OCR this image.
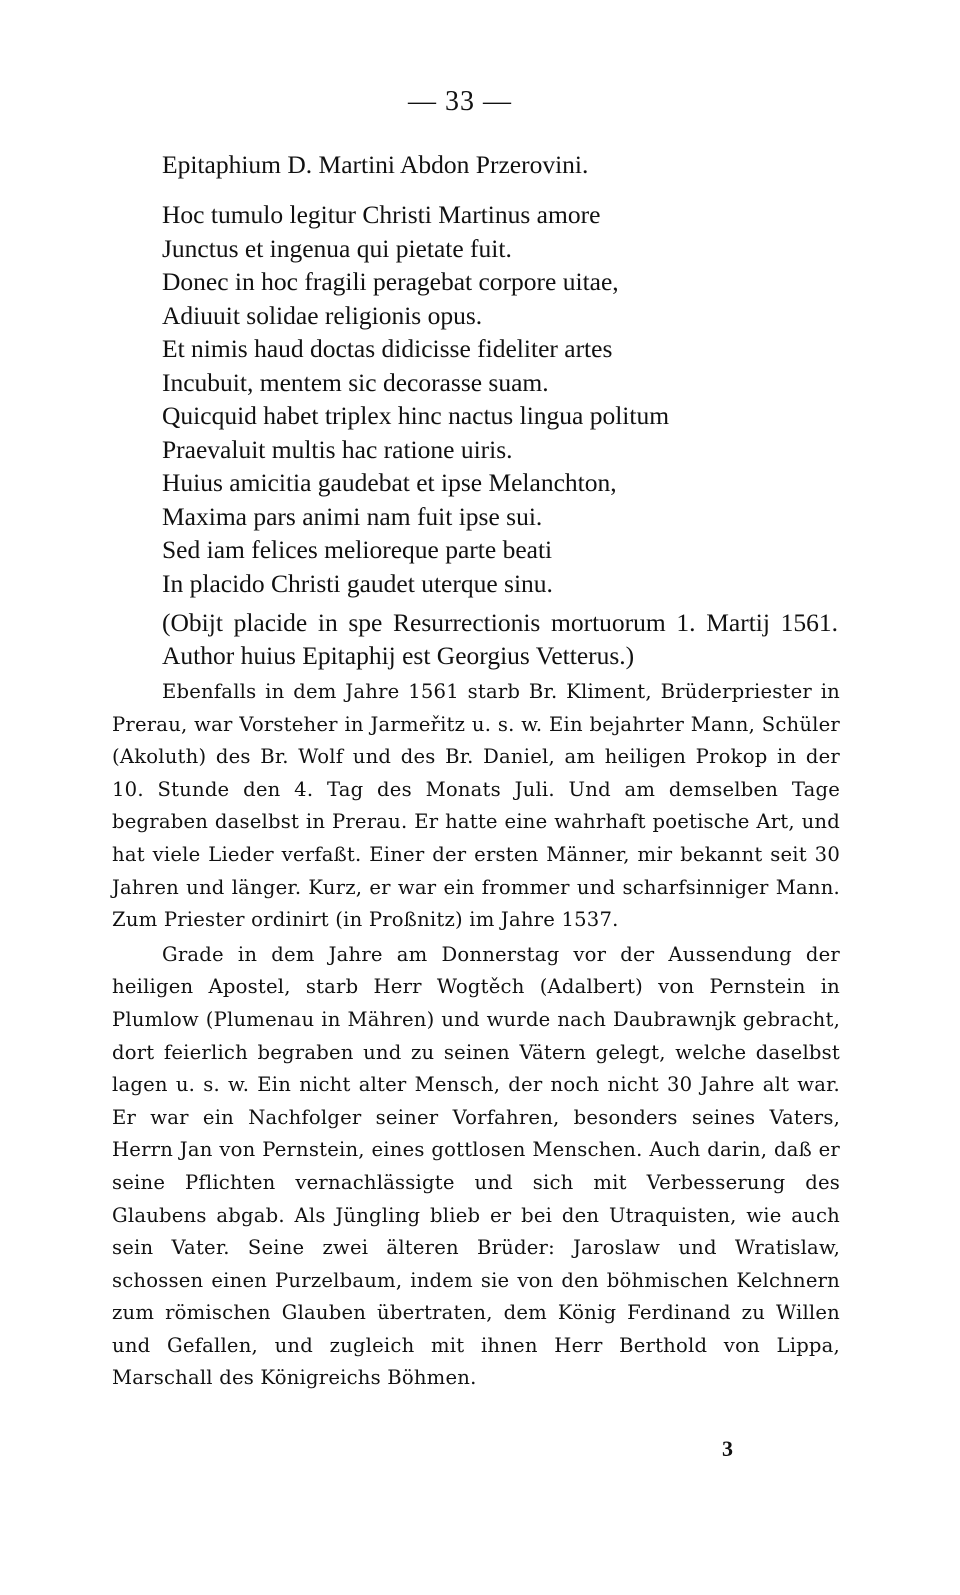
— 33 —
Epitaphium D. Martini Abdon Przerovini.
Hoc tumulo legitur Christi Martinus amore
Junctus et ingenua qui pietate fuit.
Donec in hoc fragili peragebat corpore uitae,
Adiuuit solidae religionis opus.
Et nimis haud doctas didicisse fideliter artes
Incubuit, mentem sic decorasse suam.
Quicquid habet triplex hinc nactus lingua politum
Praevaluit multis hac ratione uiris.
Huius amicitia gaudebat et ipse Melanchton,
Maxima pars animi nam fuit ipse sui.
Sed iam felices melioreque parte beati
In placido Christi gaudet uterque sinu.
(Obijt placide in spe Resurrectionis mortuorum 1. Martij 1561. Author huius Epitaphij est Georgius Vetterus.)

Ebenfalls in dem Jahre 1561 starb Br. Kliment, Brüderpriester in Prerau, war Vorsteher in Jarmeřitz u. s. w. Ein bejahrter Mann, Schüler (Akoluth) des Br. Wolf und des Br. Daniel, am heiligen Prokop in der 10. Stunde den 4. Tag des Monats Juli. Und am demselben Tage begraben daselbst in Prerau. Er hatte eine wahrhaft poetische Art, und hat viele Lieder verfaßt. Einer der ersten Männer, mir bekannt seit 30 Jahren und länger. Kurz, er war ein frommer und scharfsinniger Mann. Zum Priester ordinirt (in Proßnitz) im Jahre 1537.

Grade in dem Jahre am Donnerstag vor der Aussendung der heiligen Apostel, starb Herr Wogtěch (Adalbert) von Pernstein in Plumlow (Plumenau in Mähren) und wurde nach Daubrawnjk gebracht, dort feierlich begraben und zu seinen Vätern gelegt, welche daselbst lagen u. s. w. Ein nicht alter Mensch, der noch nicht 30 Jahre alt war. Er war ein Nachfolger seiner Vorfahren, besonders seines Vaters, Herrn Jan von Pernstein, eines gottlosen Menschen. Auch darin, daß er seine Pflichten vernachlässigte und sich mit Verbesserung des Glaubens abgab. Als Jüngling blieb er bei den Utraquisten, wie auch sein Vater. Seine zwei älteren Brüder: Jaroslaw und Wratislaw, schossen einen Purzelbaum, indem sie von den böhmischen Kelchnern zum römischen Glauben übertraten, dem König Ferdinand zu Willen und Gefallen, und zugleich mit ihnen Herr Berthold von Lippa, Marschall des Königreichs Böhmen.

3
